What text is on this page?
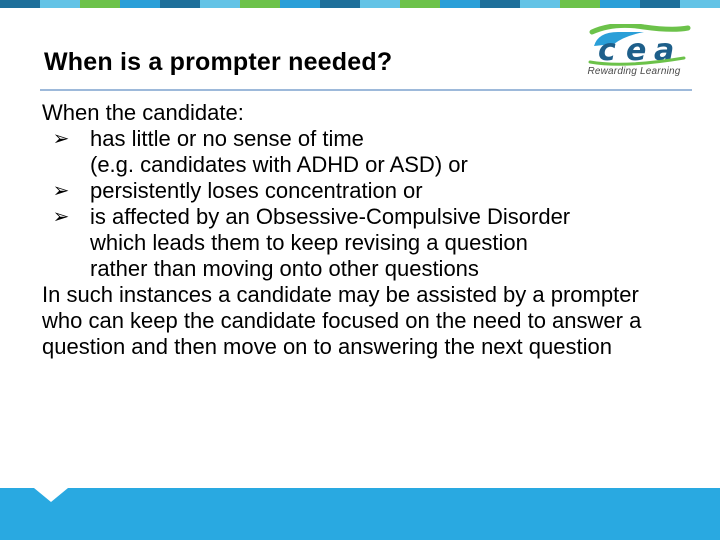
When is a prompter needed?	c e a
Rewarding Learning
When the candidate:
➢ has little or no sense of time
(e.g. candidates with ADHD or ASD) or
➢ persistently loses concentration or
➢ is affected by an Obsessive-Compulsive Disorder
which leads them to keep revising a question
rather than moving onto other questions
In such instances a candidate may be assisted by a prompter who can keep the candidate focused on the need to answer a question and then move on to answering the next question
